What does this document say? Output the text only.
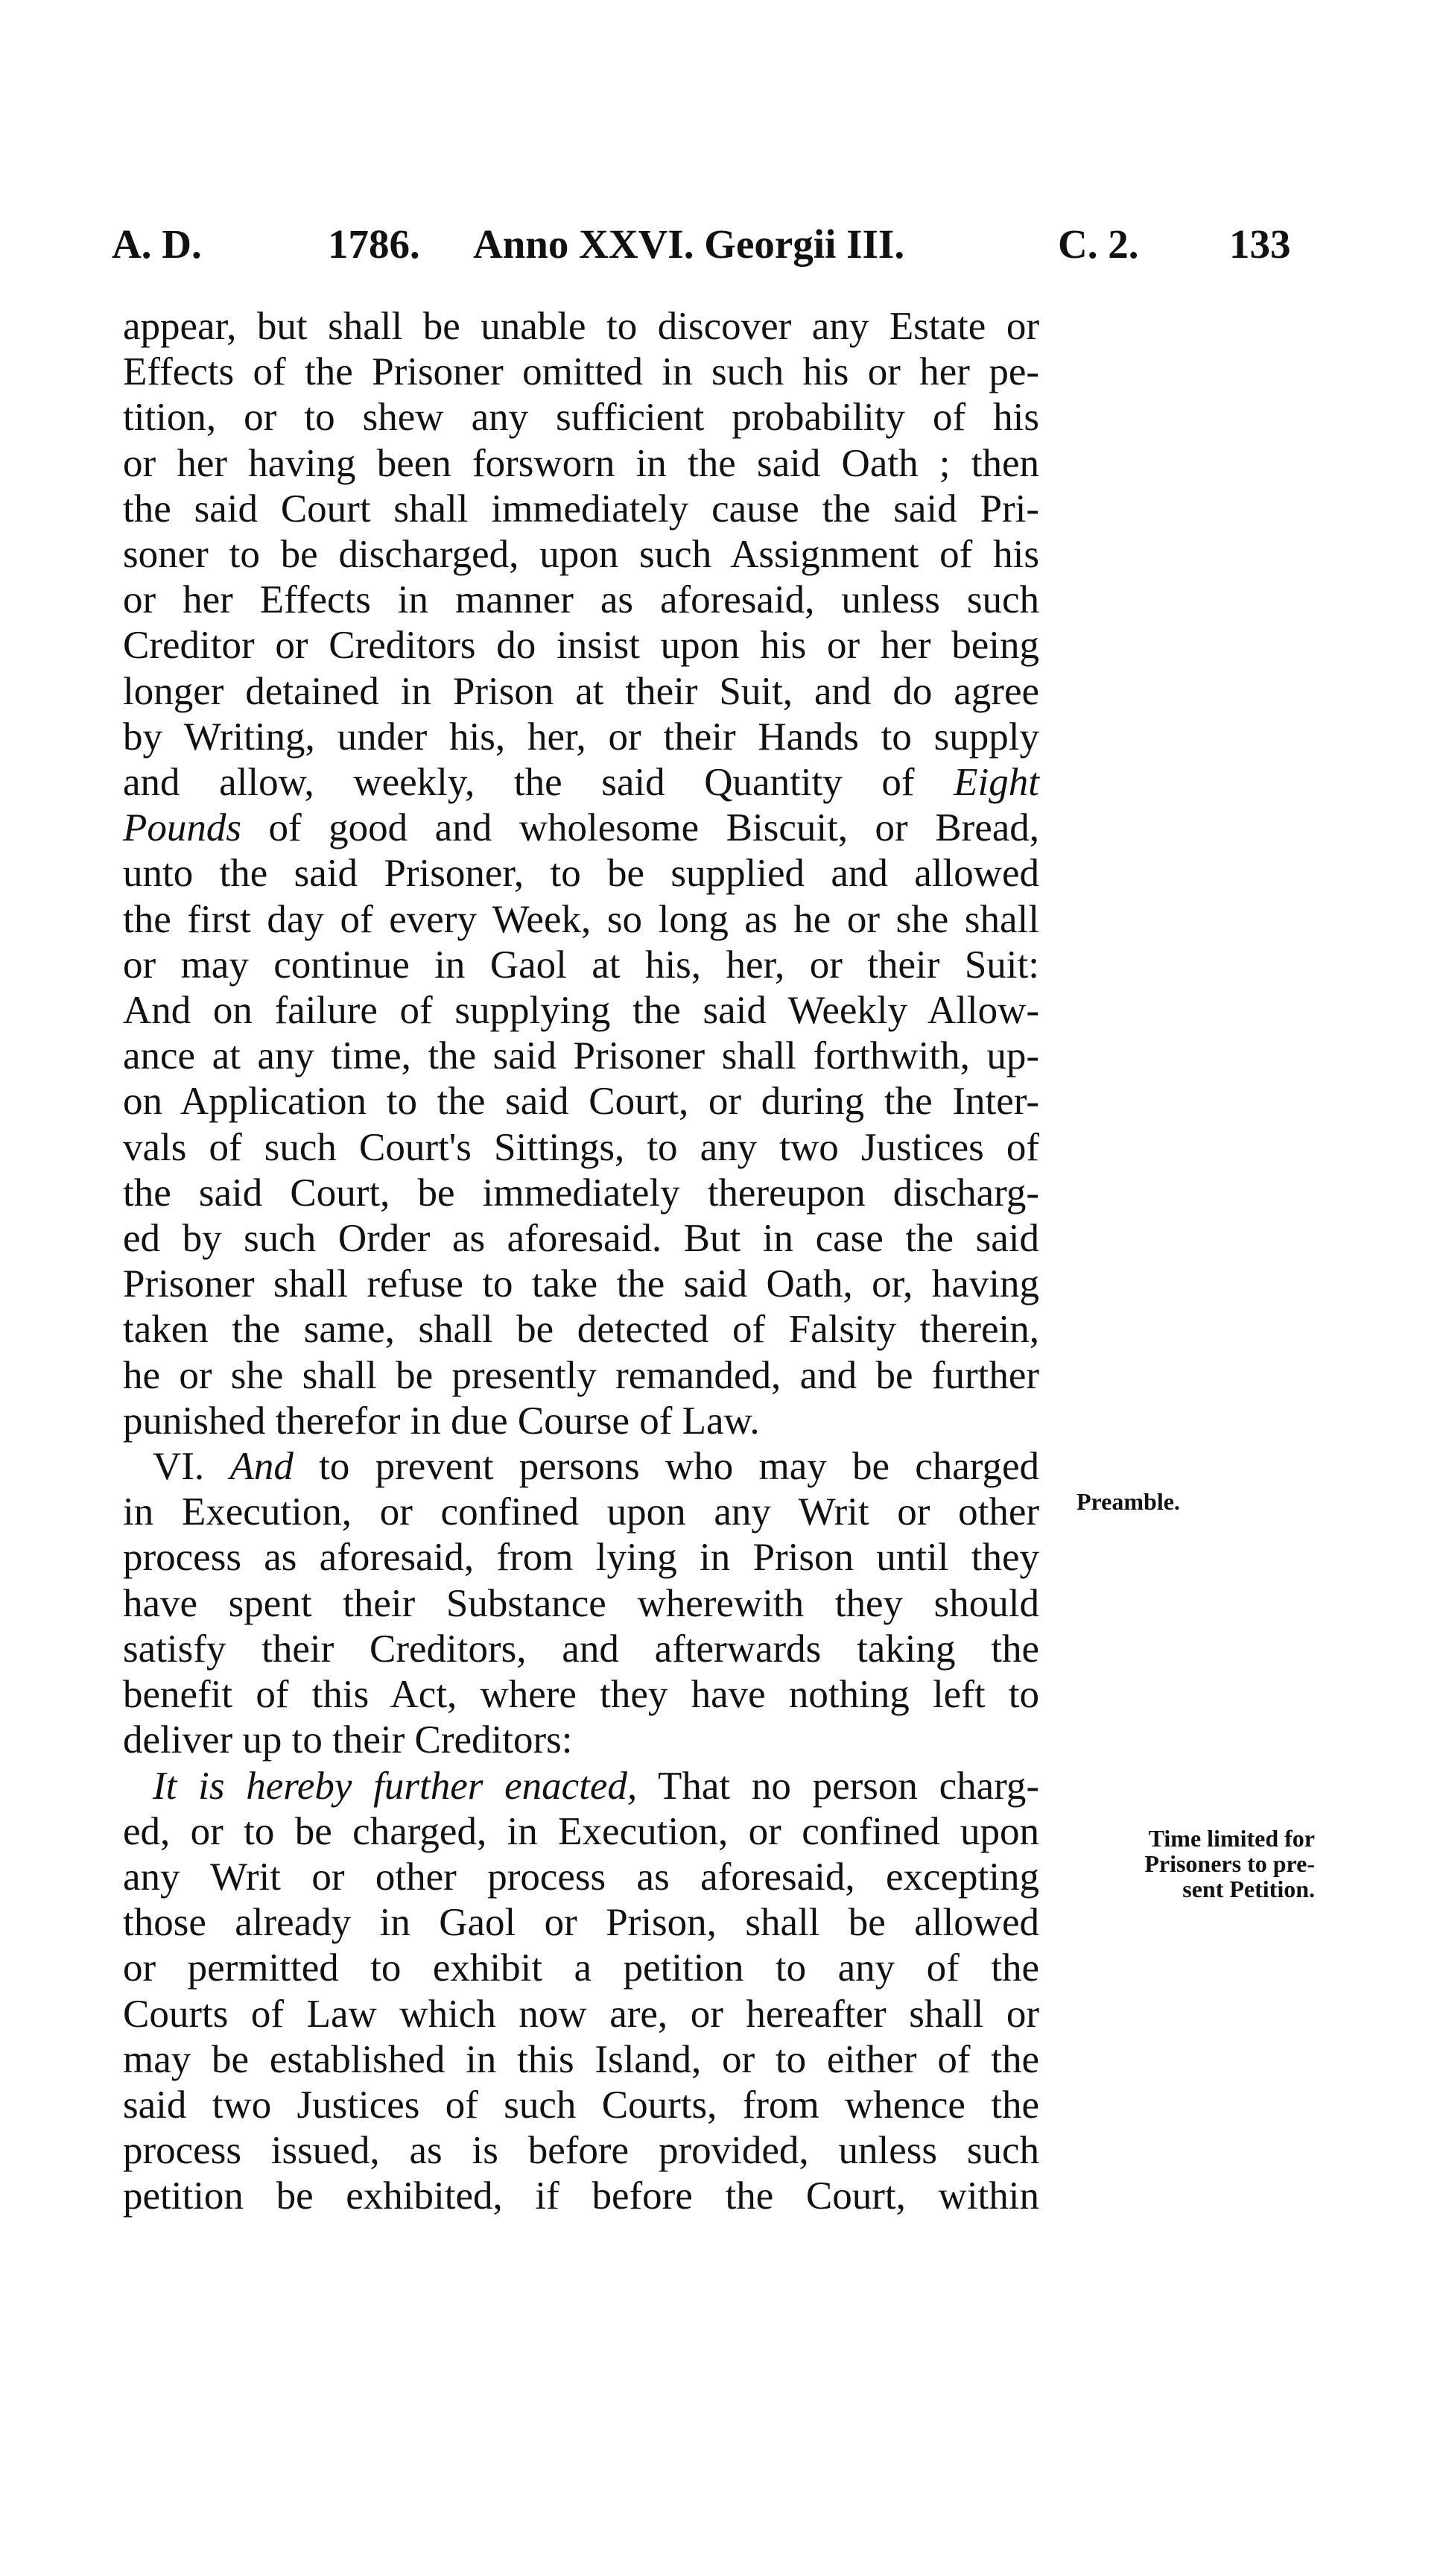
A. D.	1786. Anno XXVI. Georgii III.	C. 2. 133
appear, but shall be unable to discover any Estate or
Effects of the Prisoner omitted in such his or her pe-
tition, or to shew any sufficient probability of his
or her having been forsworn in the said Oath ; then
the said Court shall immediately cause the said Pri-
soner to be discharged, upon such Assignment of his
or her Effects in manner as aforesaid, unless such
Creditor or Creditors do insist upon his or her being
longer detained in Prison at their Suit, and do agree
by Writing, under his, her, or their Hands to supply
and allow, weekly, the said Quantity of Eight
Pounds of good and wholesome Biscuit, or Bread,
unto the said Prisoner, to be supplied and allowed
the first day of every Week, so long as he or she shall
or may continue in Gaol at his, her, or their Suit:
And on failure of supplying the said Weekly Allow-
ance at any time, the said Prisoner shall forthwith, up-
on Application to the said Court, or during the Inter-
vals of such Court's Sittings, to any two Justices of
the said Court, be immediately thereupon discharg-
ed by such Order as aforesaid. But in case the said
Prisoner shall refuse to take the said Oath, or, having
taken the same, shall be detected of Falsity therein,
he or she shall be presently remanded, and be further
punished therefor in due Course of Law.
VI. And to prevent persons who may be charged
in Execution, or confined upon any Writ or other
process as aforesaid, from lying in Prison until they
have spent their Substance wherewith they should
satisfy their Creditors, and afterwards taking the
benefit of this Act, where they have nothing left to
deliver up to their Creditors:
It is hereby further enacted, That no person charg-
ed, or to be charged, in Execution, or confined upon
any Writ or other process as aforesaid, excepting
those already in Gaol or Prison, shall be allowed
or permitted to exhibit a petition to any of the
Courts of Law which now are, or hereafter shall or
may be established in this Island, or to either of the
said two Justices of such Courts, from whence the
process issued, as is before provided, unless such
petition be exhibited, if before the Court, within
Preamble.
Time limited for
Prisoners to pre-
sent Petition.
